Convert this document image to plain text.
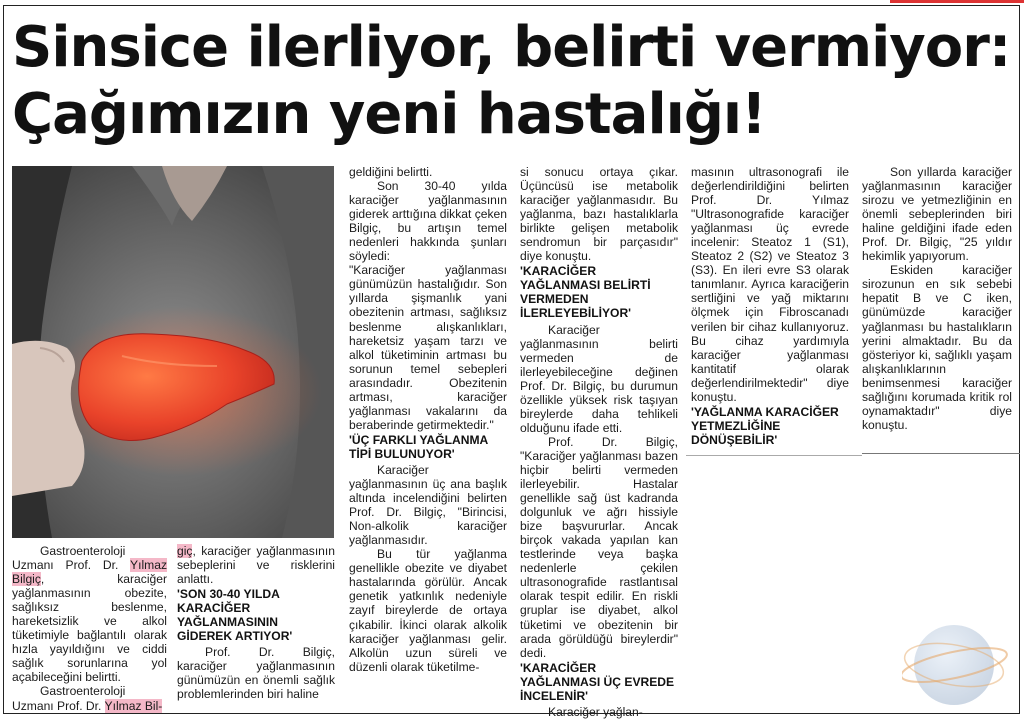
Sinsice ilerliyor, belirti vermiyor:
Çağımızın yeni hastalığı!

Gastroenteroloji Uzmanı Prof. Dr. Yılmaz Bilgiç, karaciğer yağlanmasının obezite, sağlıksız beslenme, hareketsizlik ve alkol tüketimiyle bağlantılı olarak hızla yayıldığını ve ciddi sağlık sorunlarına yol açabileceğini belirtti.

Gastroenteroloji Uzmanı Prof. Dr. Yılmaz Bil-

giç, karaciğer yağlanmasının sebeplerini ve risklerini anlattı.

'SON 30-40 YILDA KARACİĞER YAĞLANMASININ GİDEREK ARTIYOR'

Prof. Dr. Bilgiç, karaciğer yağlanmasının günümüzün en önemli sağlık problemlerinden biri haline

geldiğini belirtti.

Son 30-40 yılda karaciğer yağlanmasının giderek arttığına dikkat çeken Bilgiç, bu artışın temel nedenleri hakkında şunları söyledi:

"Karaciğer yağlanması günümüzün hastalığıdır. Son yıllarda şişmanlık yani obezitenin artması, sağlıksız beslenme alışkanlıkları, hareketsiz yaşam tarzı ve alkol tüketiminin artması bu sorunun temel sebepleri arasındadır. Obezitenin artması, karaciğer yağlanması vakalarını da beraberinde getirmektedir."

'ÜÇ FARKLI YAĞLANMA TİPİ BULUNUYOR'

Karaciğer yağlanmasının üç ana başlık altında incelendiğini belirten Prof. Dr. Bilgiç, "Birincisi, Non-alkolik karaciğer yağlanmasıdır.

Bu tür yağlanma genellikle obezite ve diyabet hastalarında görülür. Ancak genetik yatkınlık nedeniyle zayıf bireylerde de ortaya çıkabilir. İkinci olarak alkolik karaciğer yağlanması gelir. Alkolün uzun süreli ve düzenli olarak tüketilme-

si sonucu ortaya çıkar. Üçüncüsü ise metabolik karaciğer yağlanmasıdır. Bu yağlanma, bazı hastalıklarla birlikte gelişen metabolik sendromun bir parçasıdır" diye konuştu.

'KARACİĞER YAĞLANMASI BELİRTİ VERMEDEN İLERLEYEBİLİYOR'

Karaciğer yağlanmasının belirti vermeden de ilerleyebileceğine değinen Prof. Dr. Bilgiç, bu durumun özellikle yüksek risk taşıyan bireylerde daha tehlikeli olduğunu ifade etti.

Prof. Dr. Bilgiç, "Karaciğer yağlanması bazen hiçbir belirti vermeden ilerleyebilir. Hastalar genellikle sağ üst kadranda dolgunluk ve ağrı hissiyle bize başvururlar. Ancak birçok vakada yapılan kan testlerinde veya başka nedenlerle çekilen ultrasonografide rastlantısal olarak tespit edilir. En riskli gruplar ise diyabet, alkol tüketimi ve obezitenin bir arada görüldüğü bireylerdir" dedi.

'KARACİĞER YAĞLANMASI ÜÇ EVREDE İNCELENİR'

Karaciğer yağlan-

masının ultrasonografi ile değerlendirildiğini belirten Prof. Dr. Yılmaz "Ultrasonografide karaciğer yağlanması üç evrede incelenir: Steatoz 1 (S1), Steatoz 2 (S2) ve Steatoz 3 (S3). En ileri evre S3 olarak tanımlanır. Ayrıca karaciğerin sertliğini ve yağ miktarını ölçmek için Fibroscanadı verilen bir cihaz kullanıyoruz. Bu cihaz yardımıyla karaciğer yağlanması kantitatif olarak değerlendirilmektedir" diye konuştu.

'YAĞLANMA KARACİĞER YETMEZLİĞİNE DÖNÜŞEBİLİR'

Son yıllarda karaciğer yağlanmasının karaciğer sirozu ve yetmezliğinin en önemli sebeplerinden biri haline geldiğini ifade eden Prof. Dr. Bilgiç, "25 yıldır hekimlik yapıyorum.

Eskiden karaciğer sirozunun en sık sebebi hepatit B ve C iken, günümüzde karaciğer yağlanması bu hastalıkların yerini almaktadır. Bu da gösteriyor ki, sağlıklı yaşam alışkanlıklarının benimsenmesi karaciğer sağlığını korumada kritik rol oynamaktadır" diye konuştu.
